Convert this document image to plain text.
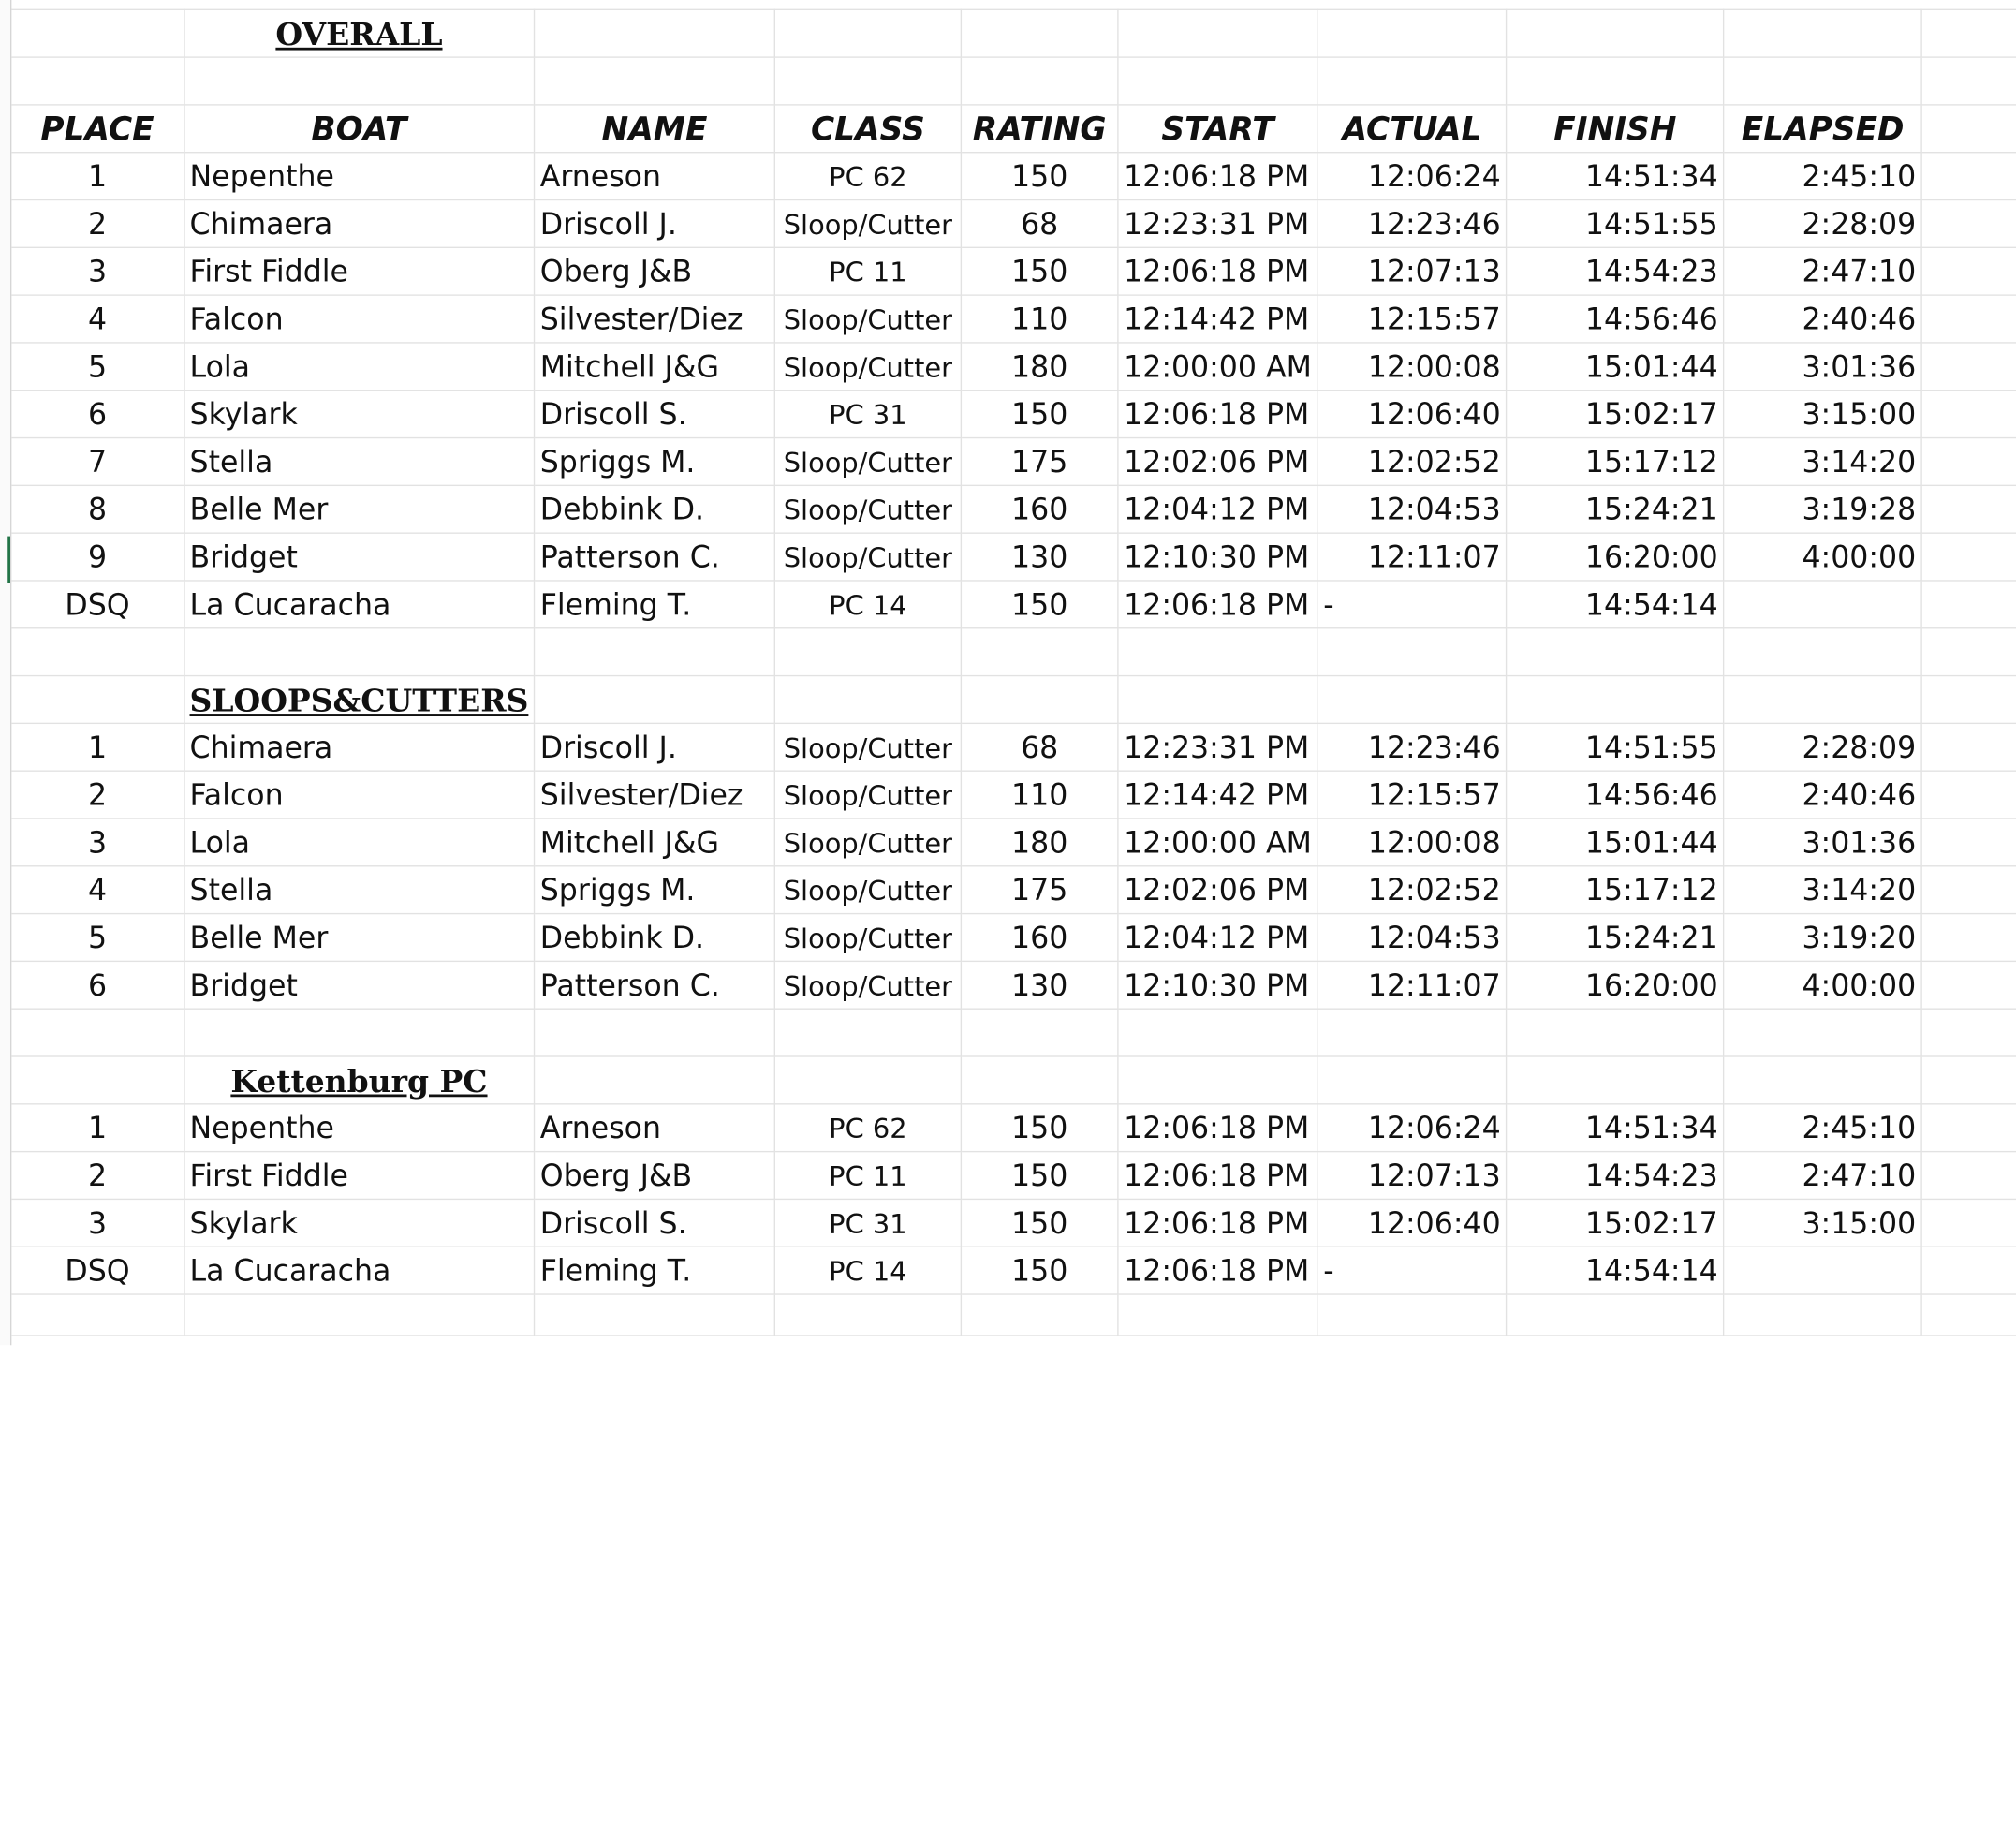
	OVERALL								

PLACE	BOAT	NAME	CLASS	RATING	START	ACTUAL	FINISH	ELAPSED	
1	Nepenthe	Arneson	PC 62	150	12:06:18 PM	12:06:24	14:51:34	2:45:10	
2	Chimaera	Driscoll J.	Sloop/Cutter	68	12:23:31 PM	12:23:46	14:51:55	2:28:09	
3	First Fiddle	Oberg J&B	PC 11	150	12:06:18 PM	12:07:13	14:54:23	2:47:10	
4	Falcon	Silvester/Diez	Sloop/Cutter	110	12:14:42 PM	12:15:57	14:56:46	2:40:46	
5	Lola	Mitchell J&G	Sloop/Cutter	180	12:00:00 AM	12:00:08	15:01:44	3:01:36	
6	Skylark	Driscoll S.	PC 31	150	12:06:18 PM	12:06:40	15:02:17	3:15:00	
7	Stella	Spriggs M.	Sloop/Cutter	175	12:02:06 PM	12:02:52	15:17:12	3:14:20	
8	Belle Mer	Debbink D.	Sloop/Cutter	160	12:04:12 PM	12:04:53	15:24:21	3:19:28	
9	Bridget	Patterson C.	Sloop/Cutter	130	12:10:30 PM	12:11:07	16:20:00	4:00:00	
DSQ	La Cucaracha	Fleming T.	PC 14	150	12:06:18 PM	-	14:54:14		

	SLOOPS&CUTTERS								
1	Chimaera	Driscoll J.	Sloop/Cutter	68	12:23:31 PM	12:23:46	14:51:55	2:28:09	
2	Falcon	Silvester/Diez	Sloop/Cutter	110	12:14:42 PM	12:15:57	14:56:46	2:40:46	
3	Lola	Mitchell J&G	Sloop/Cutter	180	12:00:00 AM	12:00:08	15:01:44	3:01:36	
4	Stella	Spriggs M.	Sloop/Cutter	175	12:02:06 PM	12:02:52	15:17:12	3:14:20	
5	Belle Mer	Debbink D.	Sloop/Cutter	160	12:04:12 PM	12:04:53	15:24:21	3:19:20	
6	Bridget	Patterson C.	Sloop/Cutter	130	12:10:30 PM	12:11:07	16:20:00	4:00:00	

	Kettenburg PC								
1	Nepenthe	Arneson	PC 62	150	12:06:18 PM	12:06:24	14:51:34	2:45:10	
2	First Fiddle	Oberg J&B	PC 11	150	12:06:18 PM	12:07:13	14:54:23	2:47:10	
3	Skylark	Driscoll S.	PC 31	150	12:06:18 PM	12:06:40	15:02:17	3:15:00	
DSQ	La Cucaracha	Fleming T.	PC 14	150	12:06:18 PM	-	14:54:14		
